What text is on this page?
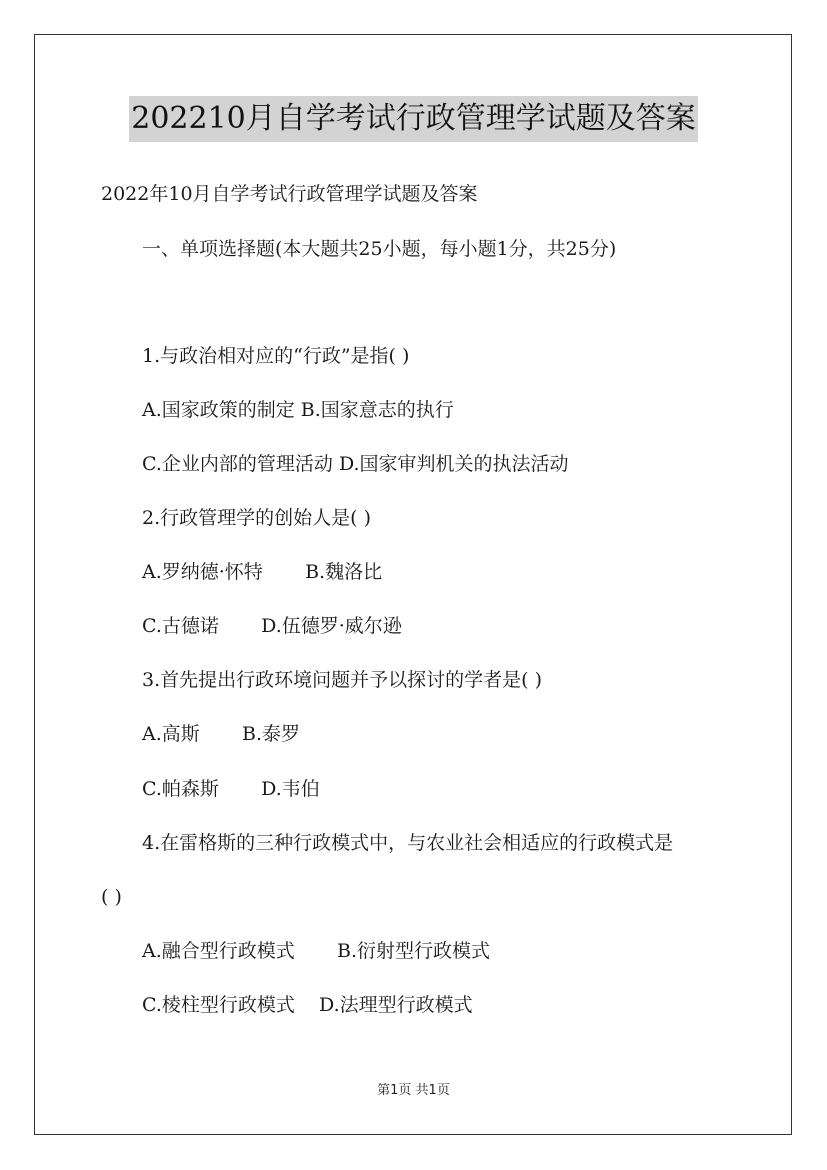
202210月自学考试行政管理学试题及答案
2022年10月自学考试行政管理学试题及答案
一、单项选择题(本大题共25小题，每小题1分，共25分)
1.与政治相对应的“行政”是指( )
A.国家政策的制定 B.国家意志的执行
C.企业内部的管理活动 D.国家审判机关的执法活动
2.行政管理学的创始人是( )
A.罗纳德·怀特       B.魏洛比
C.古德诺       D.伍德罗·威尔逊
3.首先提出行政环境问题并予以探讨的学者是( )
A.高斯       B.泰罗
C.帕森斯       D.韦伯
4.在雷格斯的三种行政模式中，与农业社会相适应的行政模式是
( )
A.融合型行政模式       B.衍射型行政模式
C.棱柱型行政模式    D.法理型行政模式
第1页 共1页
